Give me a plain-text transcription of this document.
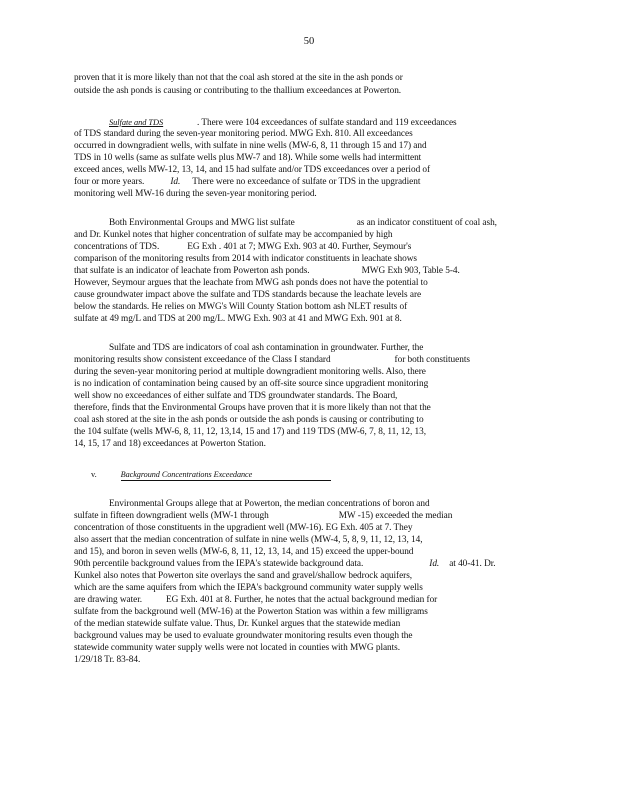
50
proven that it is more likely than not that the coal ash stored at the site in the ash ponds or
outside the ash ponds is causing or contributing to the thallium exceedances at Powerton.
Sulfate and TDS	. There were 104 exceedances of sulfate standard and 119 exceedances
of TDS standard during the seven-year monitoring period. MWG Exh. 810. All exceedances
occurred in downgradient wells, with sulfate in nine wells (MW-6, 8, 11 through 15 and 17) and
TDS in 10 wells (same as sulfate wells plus MW-7 and 18). While some wells had intermittent
exceed ances, wells MW-12, 13, 14, and 15 had sulfate and/or TDS exceedances over a period of
four or more years.	Id. There were no exceedance of sulfate or TDS in the upgradient
monitoring well MW-16 during the seven-year monitoring period.
Both Environmental Groups and MWG list sulfate	as an indicator constituent of coal ash,
and Dr. Kunkel notes that higher concentration of sulfate may be accompanied by high
concentrations of TDS.	EG Exh . 401 at 7; MWG Exh. 903 at 40. Further, Seymour's
comparison of the monitoring results from 2014 with indicator constituents in leachate shows
that sulfate is an indicator of leachate from Powerton ash ponds.	MWG Exh 903, Table 5-4.
However, Seymour argues that the leachate from MWG ash ponds does not have the potential to
cause groundwater impact above the sulfate and TDS standards because the leachate levels are
below the standards. He relies on MWG's Will County Station bottom ash NLET results of
sulfate at 49 mg/L and TDS at 200 mg/L. MWG Exh. 903 at 41 and MWG Exh. 901 at 8.
Sulfate and TDS are indicators of coal ash contamination in groundwater. Further, the
monitoring results show consistent exceedance of the Class I standard	for both constituents
during the seven-year monitoring period at multiple downgradient monitoring wells. Also, there
is no indication of contamination being caused by an off-site source since upgradient monitoring
well show no exceedances of either sulfate and TDS groundwater standards. The Board,
therefore, finds that the Environmental Groups have proven that it is more likely than not that the
coal ash stored at the site in the ash ponds or outside the ash ponds is causing or contributing to
the 104 sulfate (wells MW-6, 8, 11, 12, 13,14, 15 and 17) and 119 TDS (MW-6, 7, 8, 11, 12, 13,
14, 15, 17 and 18) exceedances at Powerton Station.
v.	Background Concentrations Exceedance
Environmental Groups allege that at Powerton, the median concentrations of boron and
sulfate in fifteen downgradient wells (MW-1 through	MW -15) exceeded the median
concentration of those constituents in the upgradient well (MW-16). EG Exh. 405 at 7. They
also assert that the median concentration of sulfate in nine wells (MW-4, 5, 8, 9, 11, 12, 13, 14,
and 15), and boron in seven wells (MW-6, 8, 11, 12, 13, 14, and 15) exceed the upper-bound
90th percentile background values from the IEPA's statewide background data.	Id. at 40-41. Dr.
Kunkel also notes that Powerton site overlays the sand and gravel/shallow bedrock aquifers,
which are the same aquifers from which the IEPA's background community water supply wells
are drawing water.	EG Exh. 401 at 8. Further, he notes that the actual background median for
sulfate from the background well (MW-16) at the Powerton Station was within a few milligrams
of the median statewide sulfate value. Thus, Dr. Kunkel argues that the statewide median
background values may be used to evaluate groundwater monitoring results even though the
statewide community water supply wells were not located in counties with MWG plants.
1/29/18 Tr. 83-84.
